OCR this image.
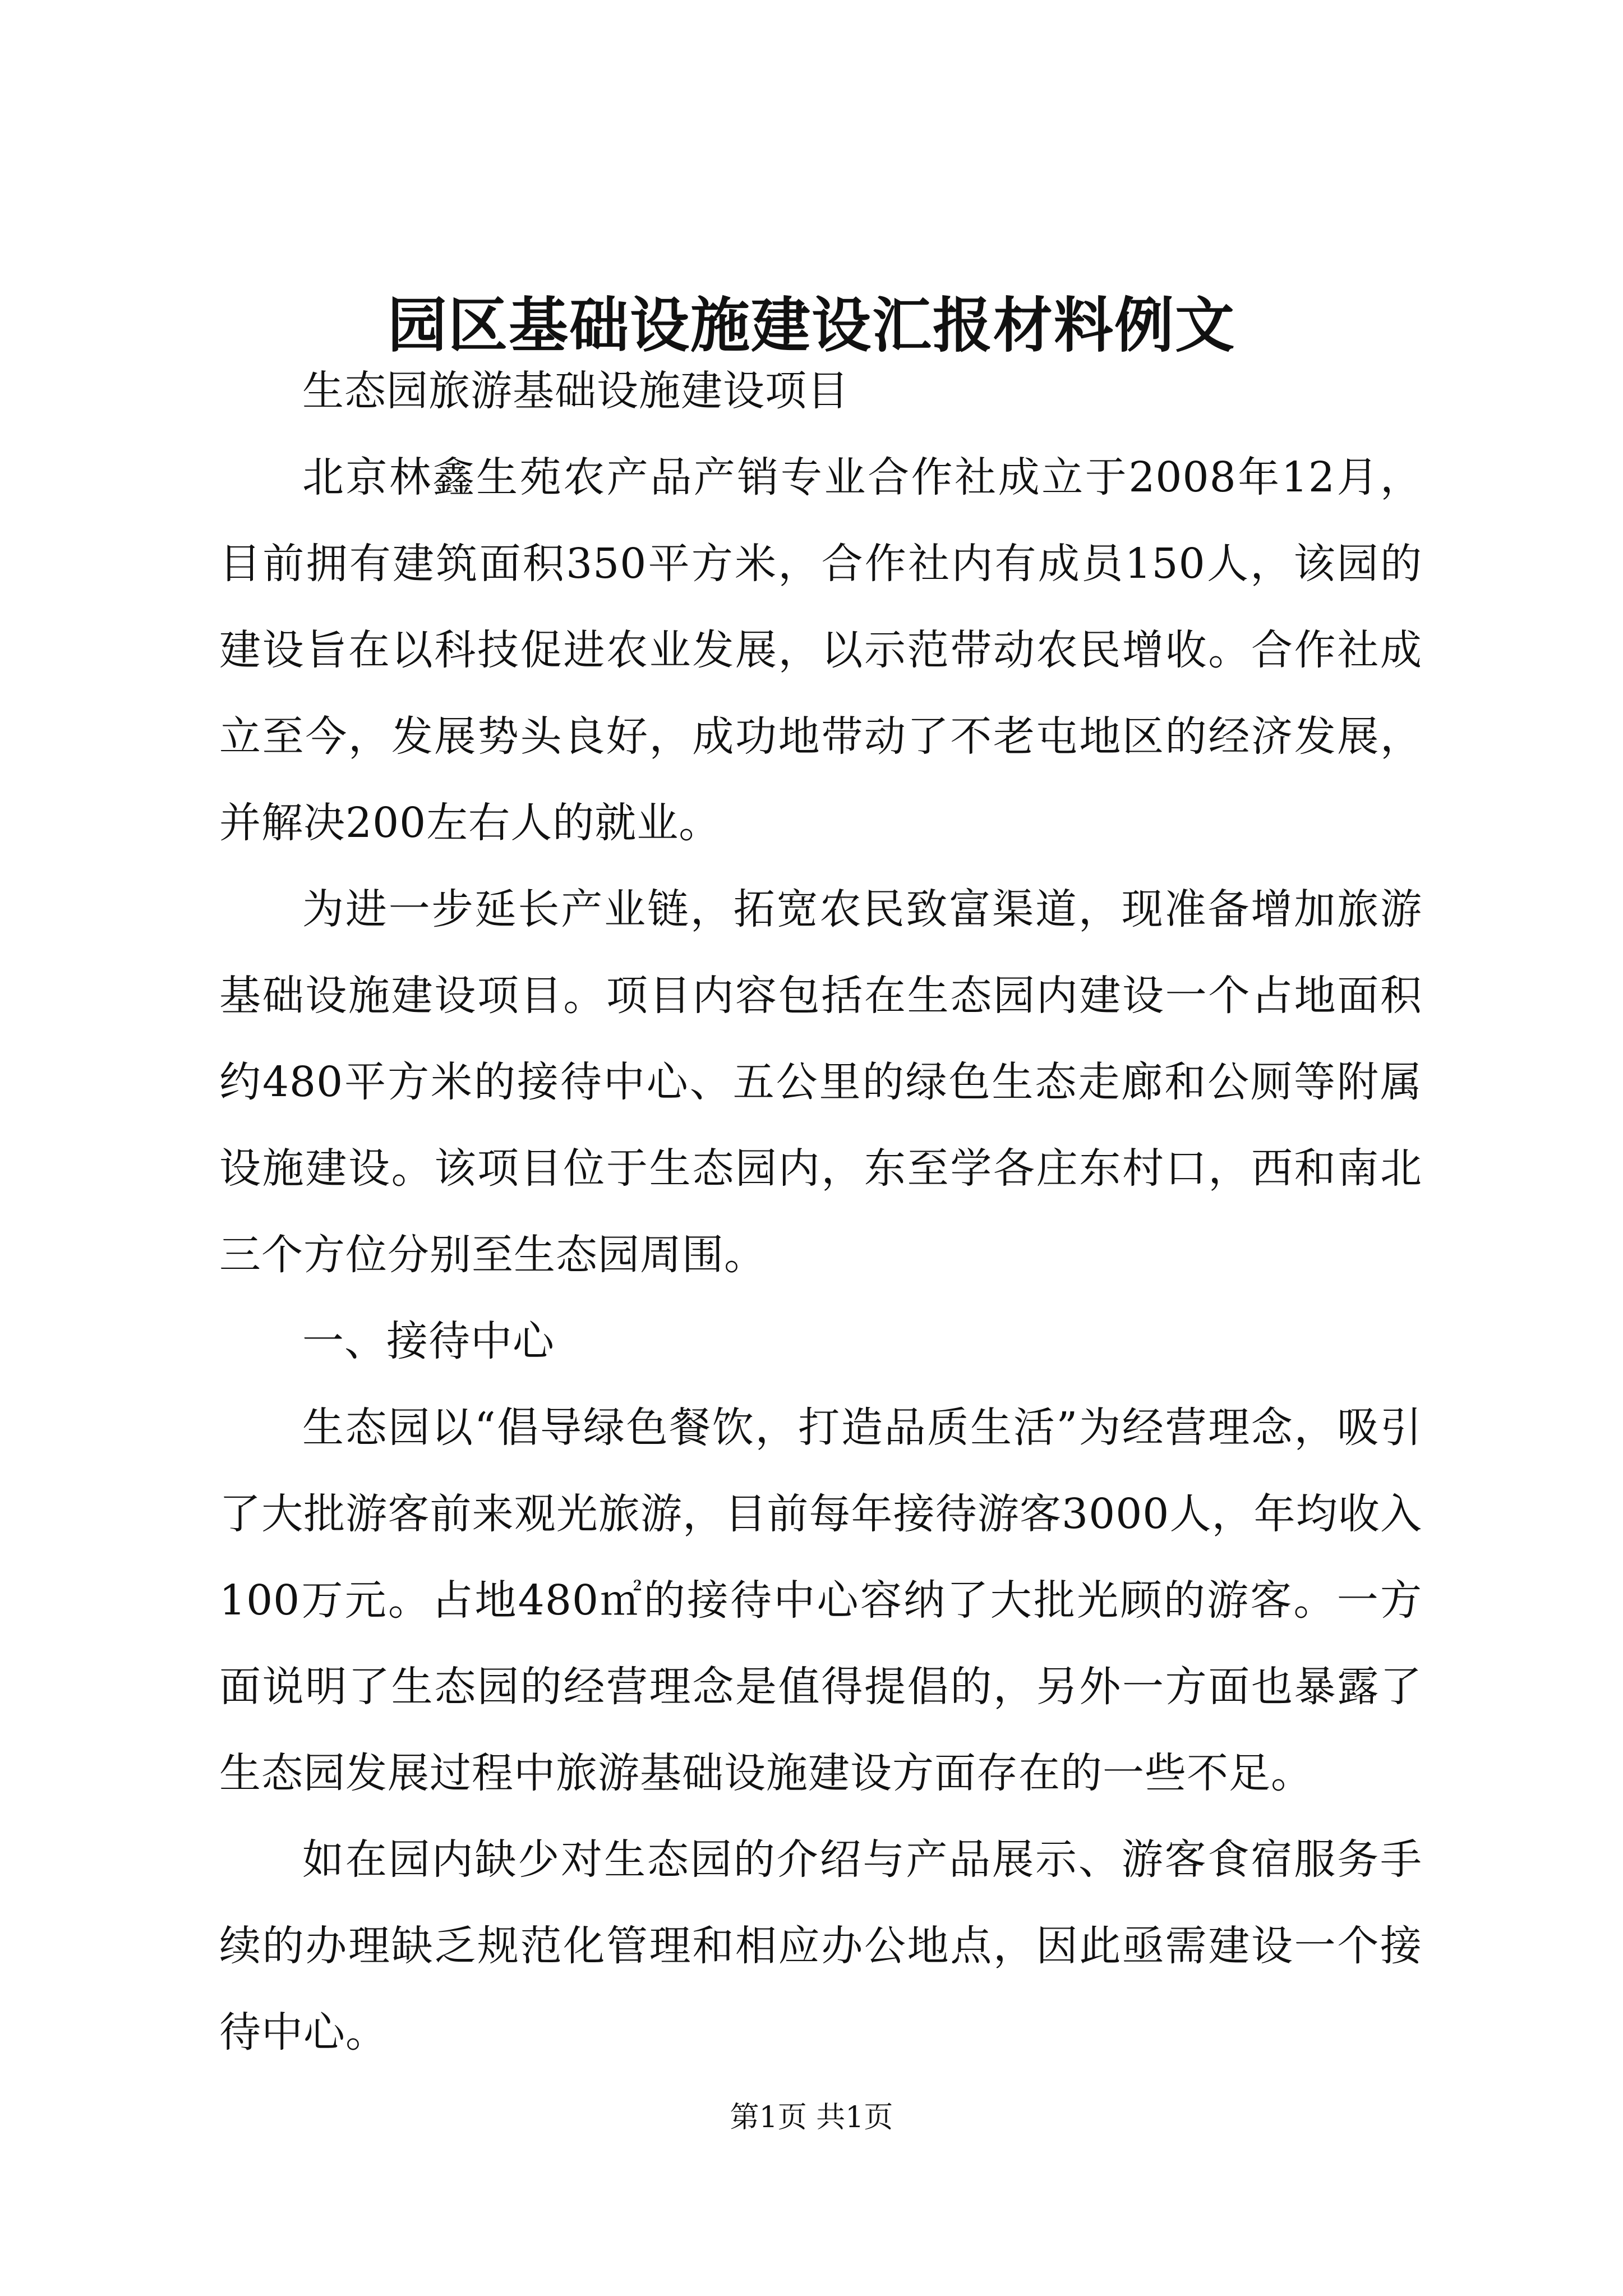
园区基础设施建设汇报材料例文

生态园旅游基础设施建设项目

北京林鑫生苑农产品产销专业合作社成立于2008年12月，目前拥有建筑面积350平方米，合作社内有成员150人，该园的建设旨在以科技促进农业发展，以示范带动农民增收。合作社成立至今，发展势头良好，成功地带动了不老屯地区的经济发展，并解决200左右人的就业。

为进一步延长产业链，拓宽农民致富渠道，现准备增加旅游基础设施建设项目。项目内容包括在生态园内建设一个占地面积约480平方米的接待中心、五公里的绿色生态走廊和公厕等附属设施建设。该项目位于生态园内，东至学各庄东村口，西和南北三个方位分别至生态园周围。

一、接待中心

生态园以“倡导绿色餐饮，打造品质生活”为经营理念，吸引了大批游客前来观光旅游，目前每年接待游客3000人，年均收入100万元。占地480㎡的接待中心容纳了大批光顾的游客。一方面说明了生态园的经营理念是值得提倡的，另外一方面也暴露了生态园发展过程中旅游基础设施建设方面存在的一些不足。

如在园内缺少对生态园的介绍与产品展示、游客食宿服务手续的办理缺乏规范化管理和相应办公地点，因此亟需建设一个接待中心。

第1页 共1页
